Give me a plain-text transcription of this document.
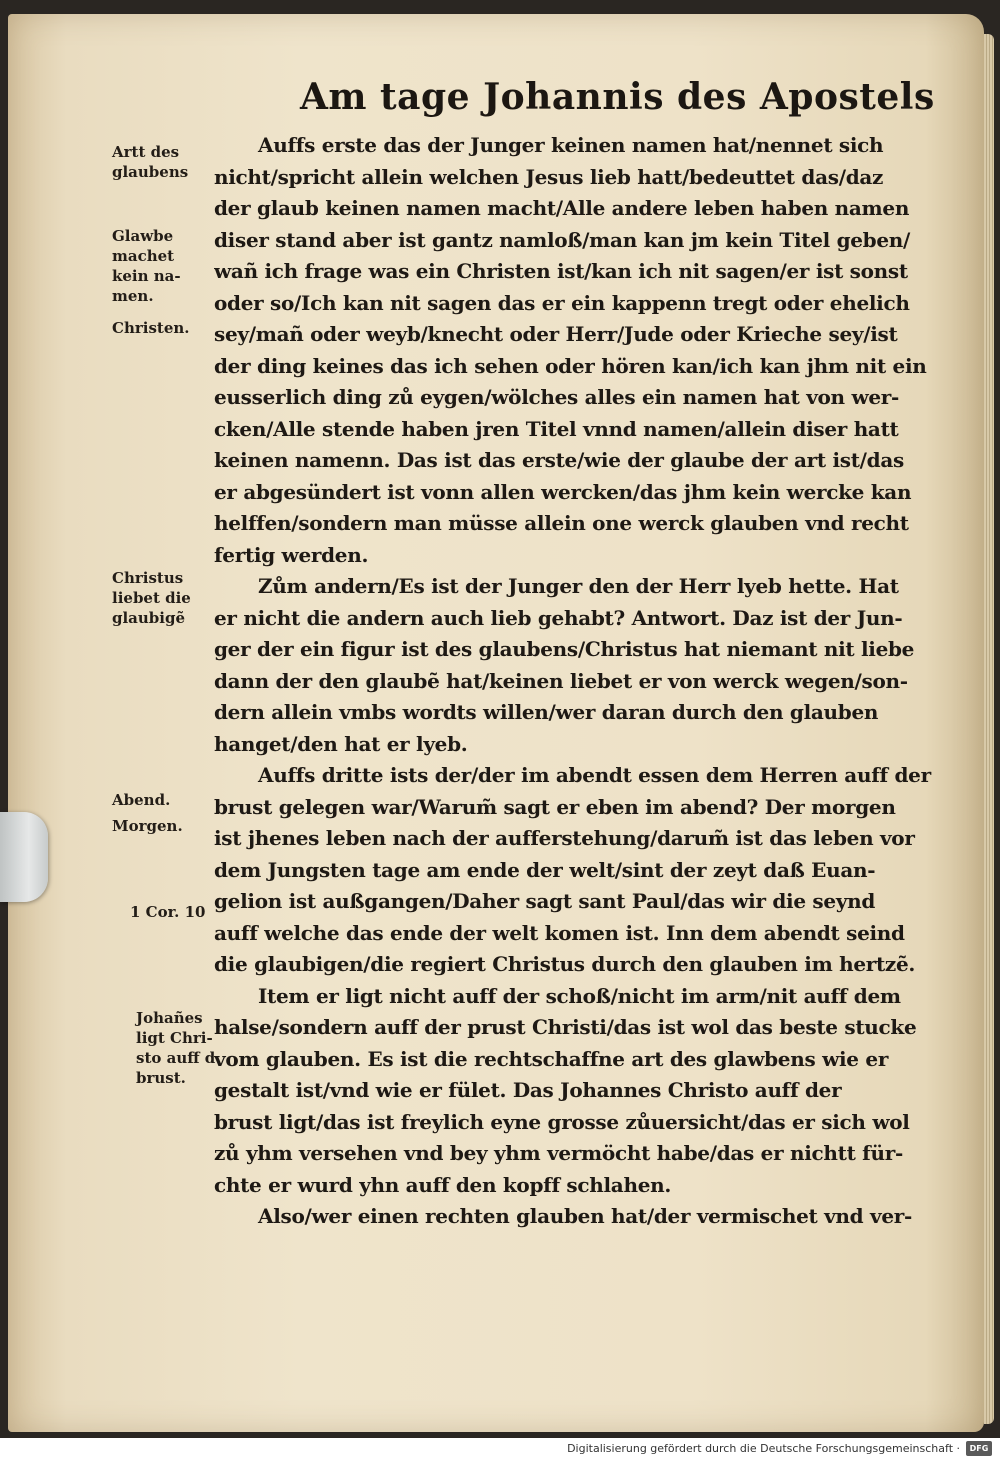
Am tage Johannis des Apostels
Auffs erste das der Junger keinen namen hat/nennet sich
nicht/spricht allein welchen Jesus lieb hatt/bedeuttet das/daz
der glaub keinen namen macht/Alle andere leben haben namen
diser stand aber ist gantz namloß/man kan jm kein Titel geben/
wañ ich frage was ein Christen ist/kan ich nit sagen/er ist sonst
oder so/Ich kan nit sagen das er ein kappenn tregt oder ehelich
sey/mañ oder weyb/knecht oder Herr/Jude oder Krieche sey/ist
der ding keines das ich sehen oder hören kan/ich kan jhm nit ein
eusserlich ding zů eygen/wölches alles ein namen hat von wer-
cken/Alle stende haben jren Titel vnnd namen/allein diser hatt
keinen namenn. Das ist das erste/wie der glaube der art ist/das
er abgesündert ist vonn allen wercken/das jhm kein wercke kan
helffen/sondern man müsse allein one werck glauben vnd recht
fertig werden.
Zům andern/Es ist der Junger den der Herr lyeb hette. Hat
er nicht die andern auch lieb gehabt? Antwort. Daz ist der Jun-
ger der ein figur ist des glaubens/Christus hat niemant nit liebe
dann der den glaubẽ hat/keinen liebet er von werck wegen/son-
dern allein vmbs wordts willen/wer daran durch den glauben
hanget/den hat er lyeb.
Auffs dritte ists der/der im abendt essen dem Herren auff der
brust gelegen war/Warum̃ sagt er eben im abend? Der morgen
ist jhenes leben nach der aufferstehung/darum̃ ist das leben vor
dem Jungsten tage am ende der welt/sint der zeyt daß Euan-
gelion ist außgangen/Daher sagt sant Paul/das wir die seynd
auff welche das ende der welt komen ist. Inn dem abendt seind
die glaubigen/die regiert Christus durch den glauben im hertzẽ.
Item er ligt nicht auff der schoß/nicht im arm/nit auff dem
halse/sondern auff der prust Christi/das ist wol das beste stucke
vom glauben. Es ist die rechtschaffne art des glawbens wie er
gestalt ist/vnd wie er fület. Das Johannes Christo auff der
brust ligt/das ist freylich eyne grosse zůuersicht/das er sich wol
zů yhm versehen vnd bey yhm vermöcht habe/das er nichtt für-
chte er wurd yhn auff den kopff schlahen.
Also/wer einen rechten glauben hat/der vermischet vnd ver-
Artt des
glaubens
Glawbe
machet
kein na-
men.
Christen.
Christus
liebet die
glaubigẽ
Abend.
Morgen.
1 Cor. 10
Johañes
ligt Chri-
sto auff d
brust.
Digitalisierung gefördert durch die Deutsche Forschungsgemeinschaft ·	DFG
